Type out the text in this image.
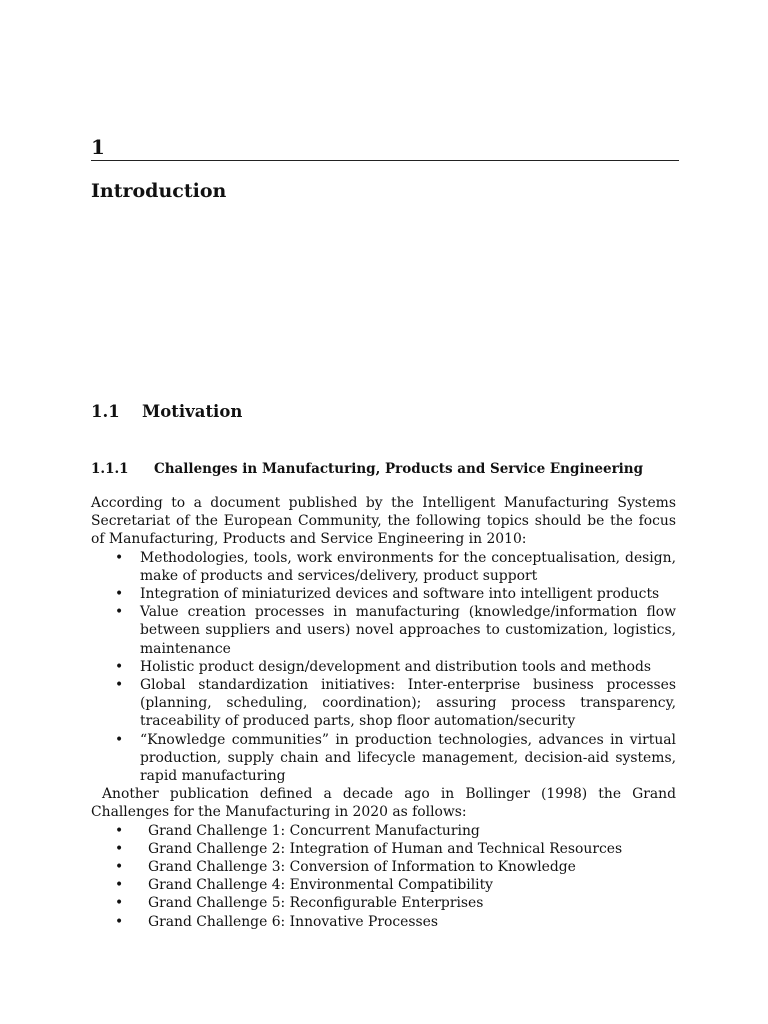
1
Introduction
1.1 Motivation
1.1.1 Challenges in Manufacturing, Products and Service Engineering

According to a document published by the Intelligent Manufacturing Systems Secretariat of the European Community, the following topics should be the focus of Manufacturing, Products and Service Engineering in 2010:

• Methodologies, tools, work environments for the conceptualisation, design, make of products and services/delivery, product support
• Integration of miniaturized devices and software into intelligent products
• Value creation processes in manufacturing (knowledge/information flow between suppliers and users) novel approaches to customization, logistics, maintenance
• Holistic product design/development and distribution tools and methods
• Global standardization initiatives: Inter-enterprise business processes (planning, scheduling, coordination); assuring process transparency, traceability of produced parts, shop floor automation/security
• “Knowledge communities” in production technologies, advances in virtual production, supply chain and lifecycle management, decision-aid systems, rapid manufacturing

Another publication defined a decade ago in Bollinger (1998) the Grand Challenges for the Manufacturing in 2020 as follows:

• Grand Challenge 1: Concurrent Manufacturing
• Grand Challenge 2: Integration of Human and Technical Resources
• Grand Challenge 3: Conversion of Information to Knowledge
• Grand Challenge 4: Environmental Compatibility
• Grand Challenge 5: Reconfigurable Enterprises
• Grand Challenge 6: Innovative Processes
